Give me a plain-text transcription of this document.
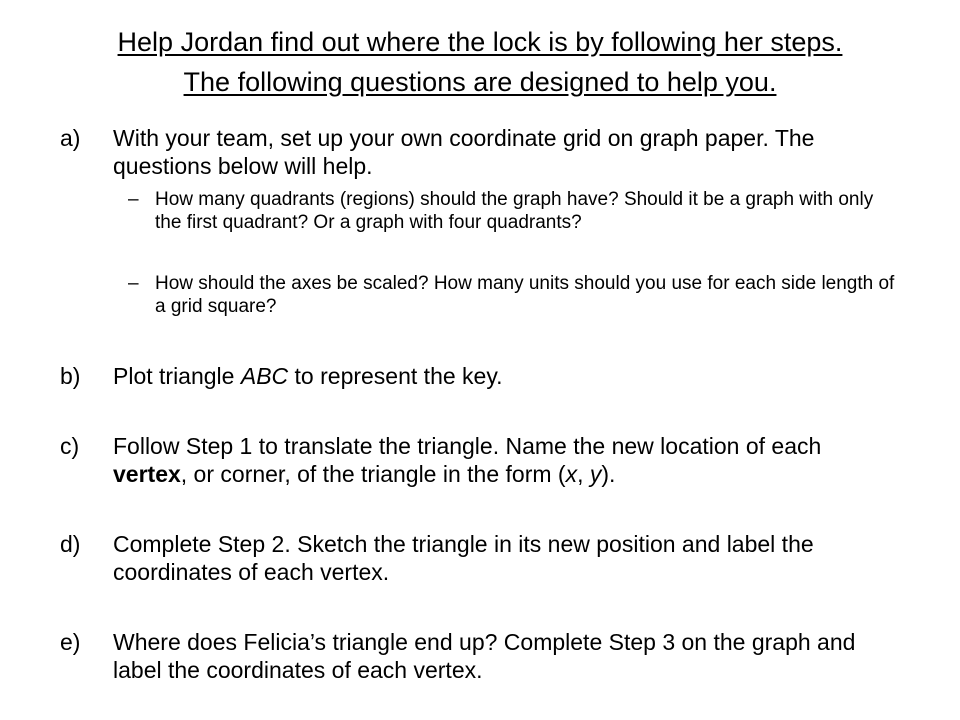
Help Jordan find out where the lock is by following her steps.
The following questions are designed to help you.
a) With your team, set up your own coordinate grid on graph paper. The questions below will help.
– How many quadrants (regions) should the graph have? Should it be a graph with only the first quadrant? Or a graph with four quadrants?
– How should the axes be scaled? How many units should you use for each side length of a grid square?
b) Plot triangle ABC to represent the key.
c) Follow Step 1 to translate the triangle. Name the new location of each vertex, or corner, of the triangle in the form (x, y).
d) Complete Step 2. Sketch the triangle in its new position and label the coordinates of each vertex.
e) Where does Felicia’s triangle end up? Complete Step 3 on the graph and label the coordinates of each vertex.
